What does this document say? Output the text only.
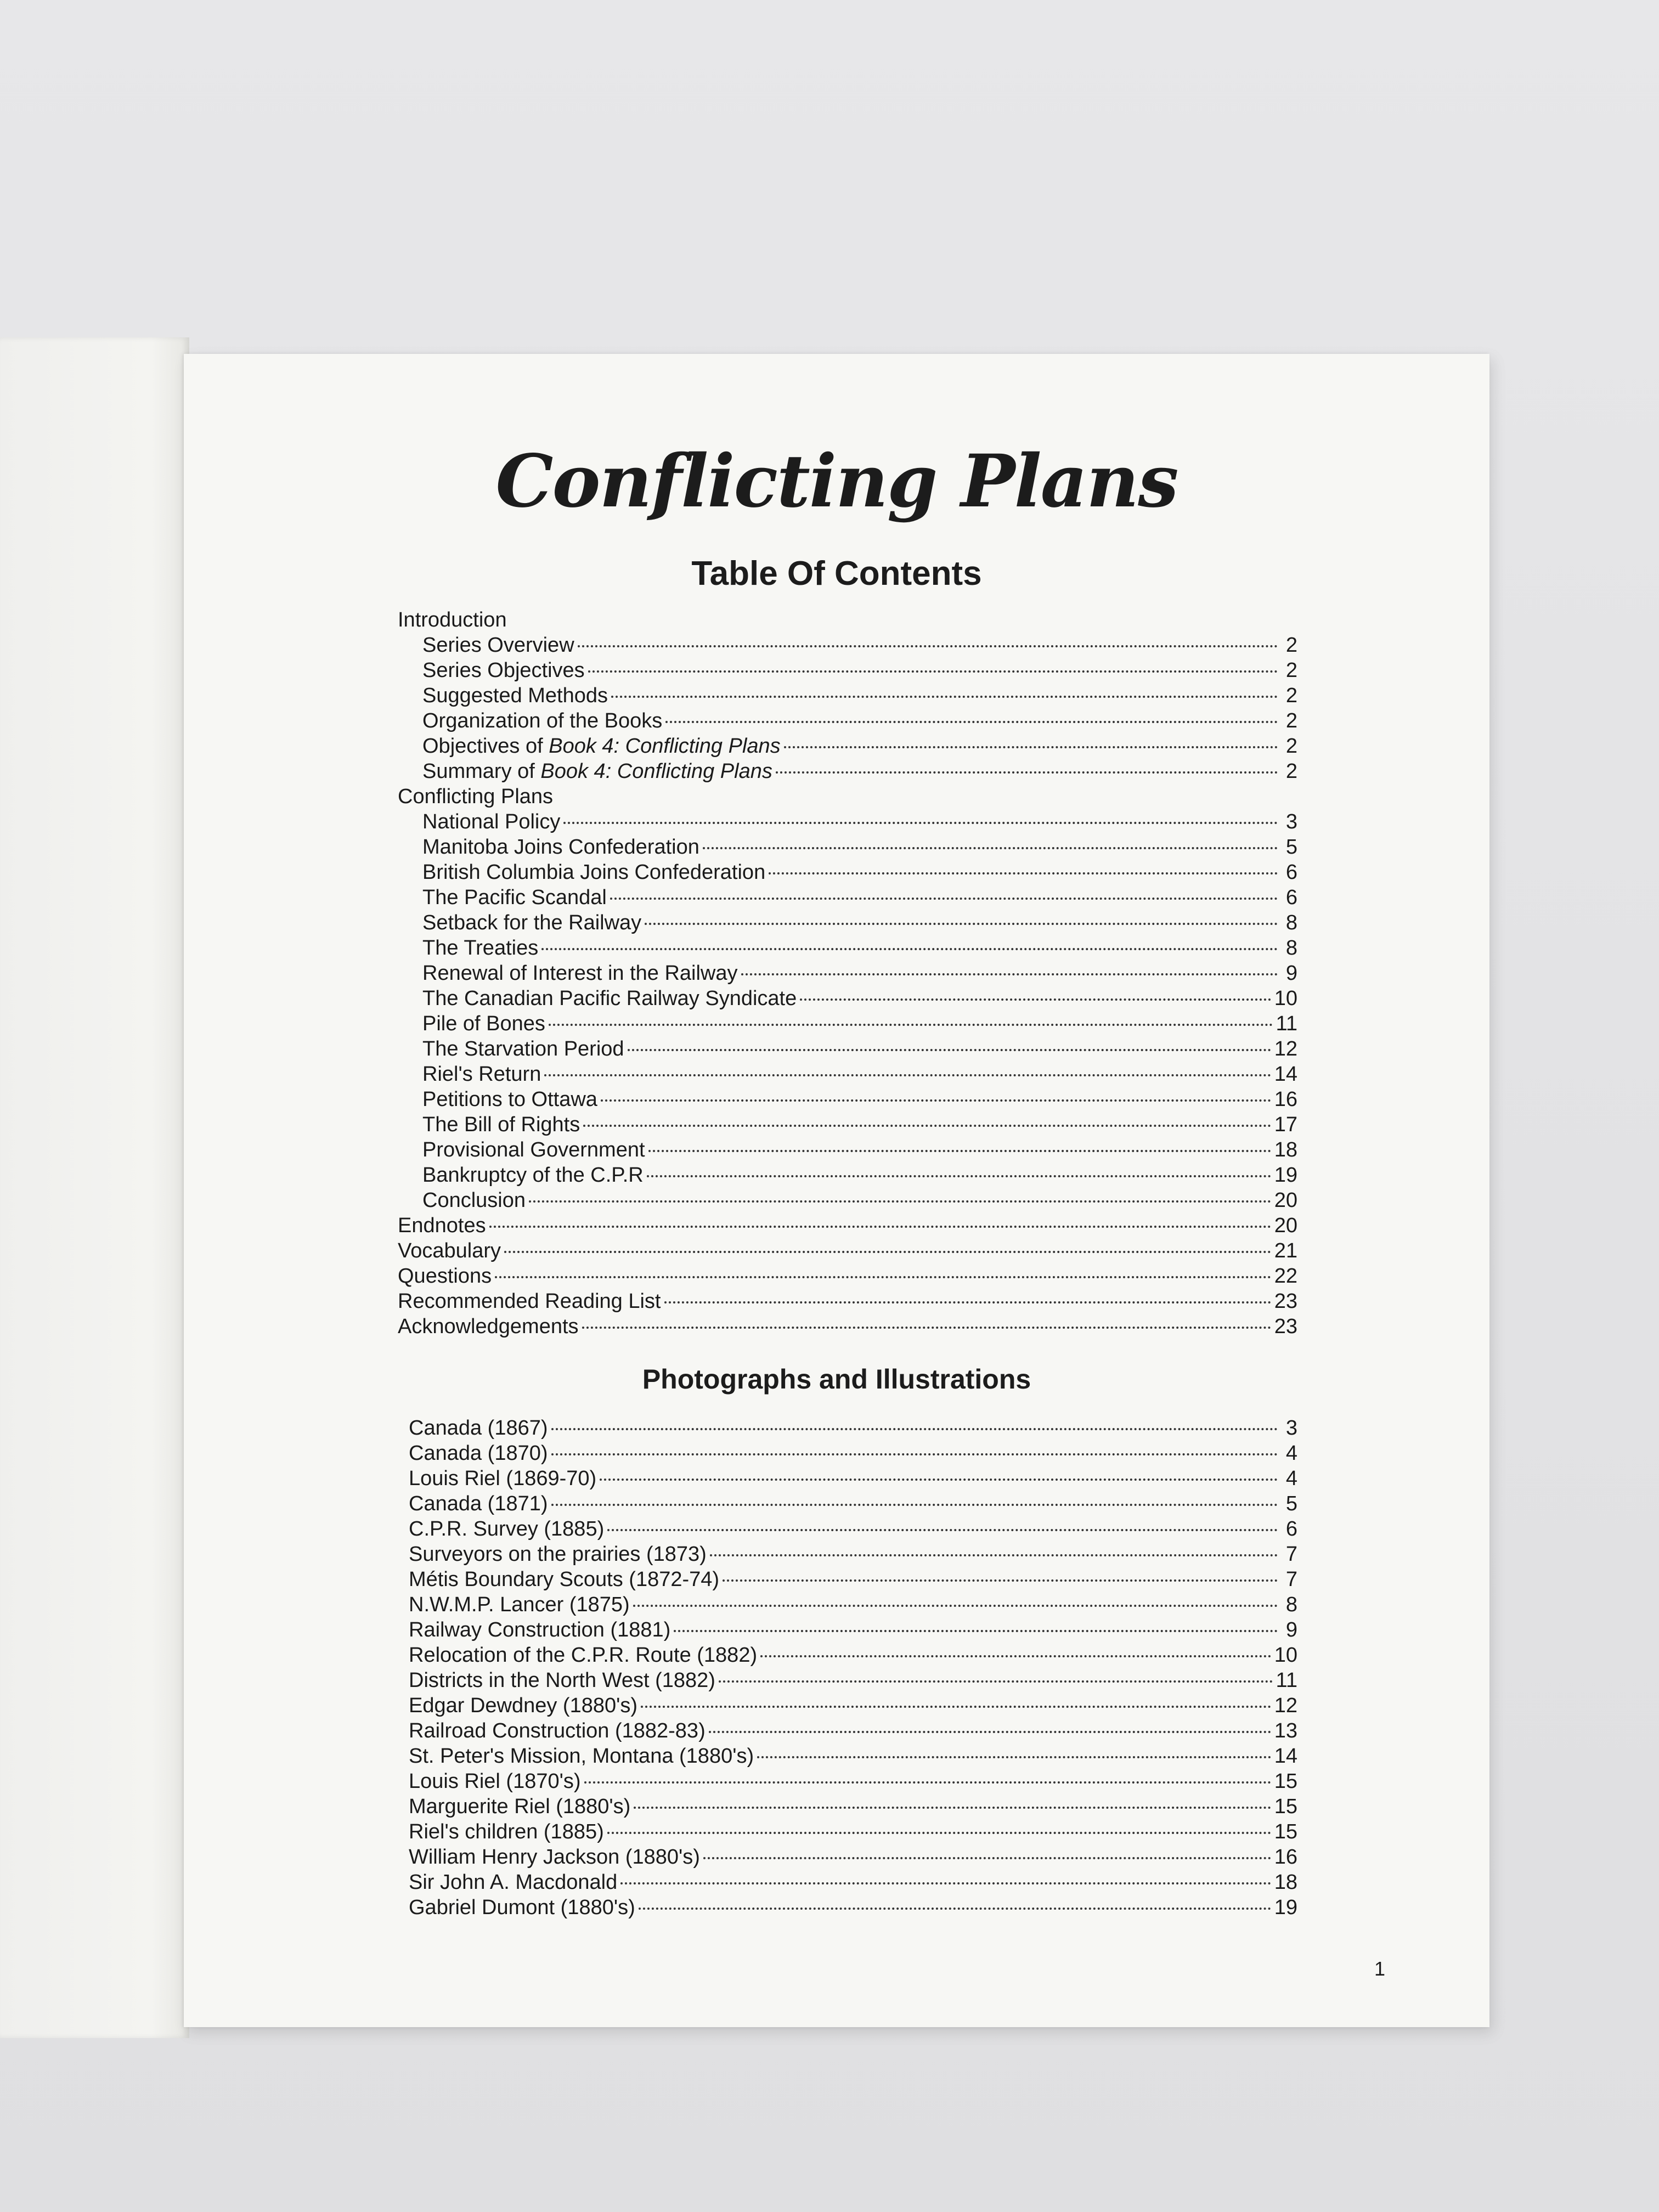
Conflicting Plans
Table Of Contents
Introduction
Series Overview	2
Series Objectives	2
Suggested Methods	2
Organization of the Books	2
Objectives of Book 4: Conflicting Plans	2
Summary of Book 4: Conflicting Plans	2
Conflicting Plans
National Policy	3
Manitoba Joins Confederation	5
British Columbia Joins Confederation	6
The Pacific Scandal	6
Setback for the Railway	8
The Treaties	8
Renewal of Interest in the Railway	9
The Canadian Pacific Railway Syndicate	10
Pile of Bones	11
The Starvation Period	12
Riel's Return	14
Petitions to Ottawa	16
The Bill of Rights	17
Provisional Government	18
Bankruptcy of the C.P.R	19
Conclusion	20
Endnotes	20
Vocabulary	21
Questions	22
Recommended Reading List	23
Acknowledgements	23
Photographs and Illustrations
Canada (1867)	3
Canada (1870)	4
Louis Riel (1869-70)	4
Canada (1871)	5
C.P.R. Survey (1885)	6
Surveyors on the prairies (1873)	7
Métis Boundary Scouts (1872-74)	7
N.W.M.P. Lancer (1875)	8
Railway Construction (1881)	9
Relocation of the C.P.R. Route (1882)	10
Districts in the North West (1882)	11
Edgar Dewdney (1880's)	12
Railroad Construction (1882-83)	13
St. Peter's Mission, Montana (1880's)	14
Louis Riel (1870's)	15
Marguerite Riel (1880's)	15
Riel's children (1885)	15
William Henry Jackson (1880's)	16
Sir John A. Macdonald	18
Gabriel Dumont (1880's)	19
1
